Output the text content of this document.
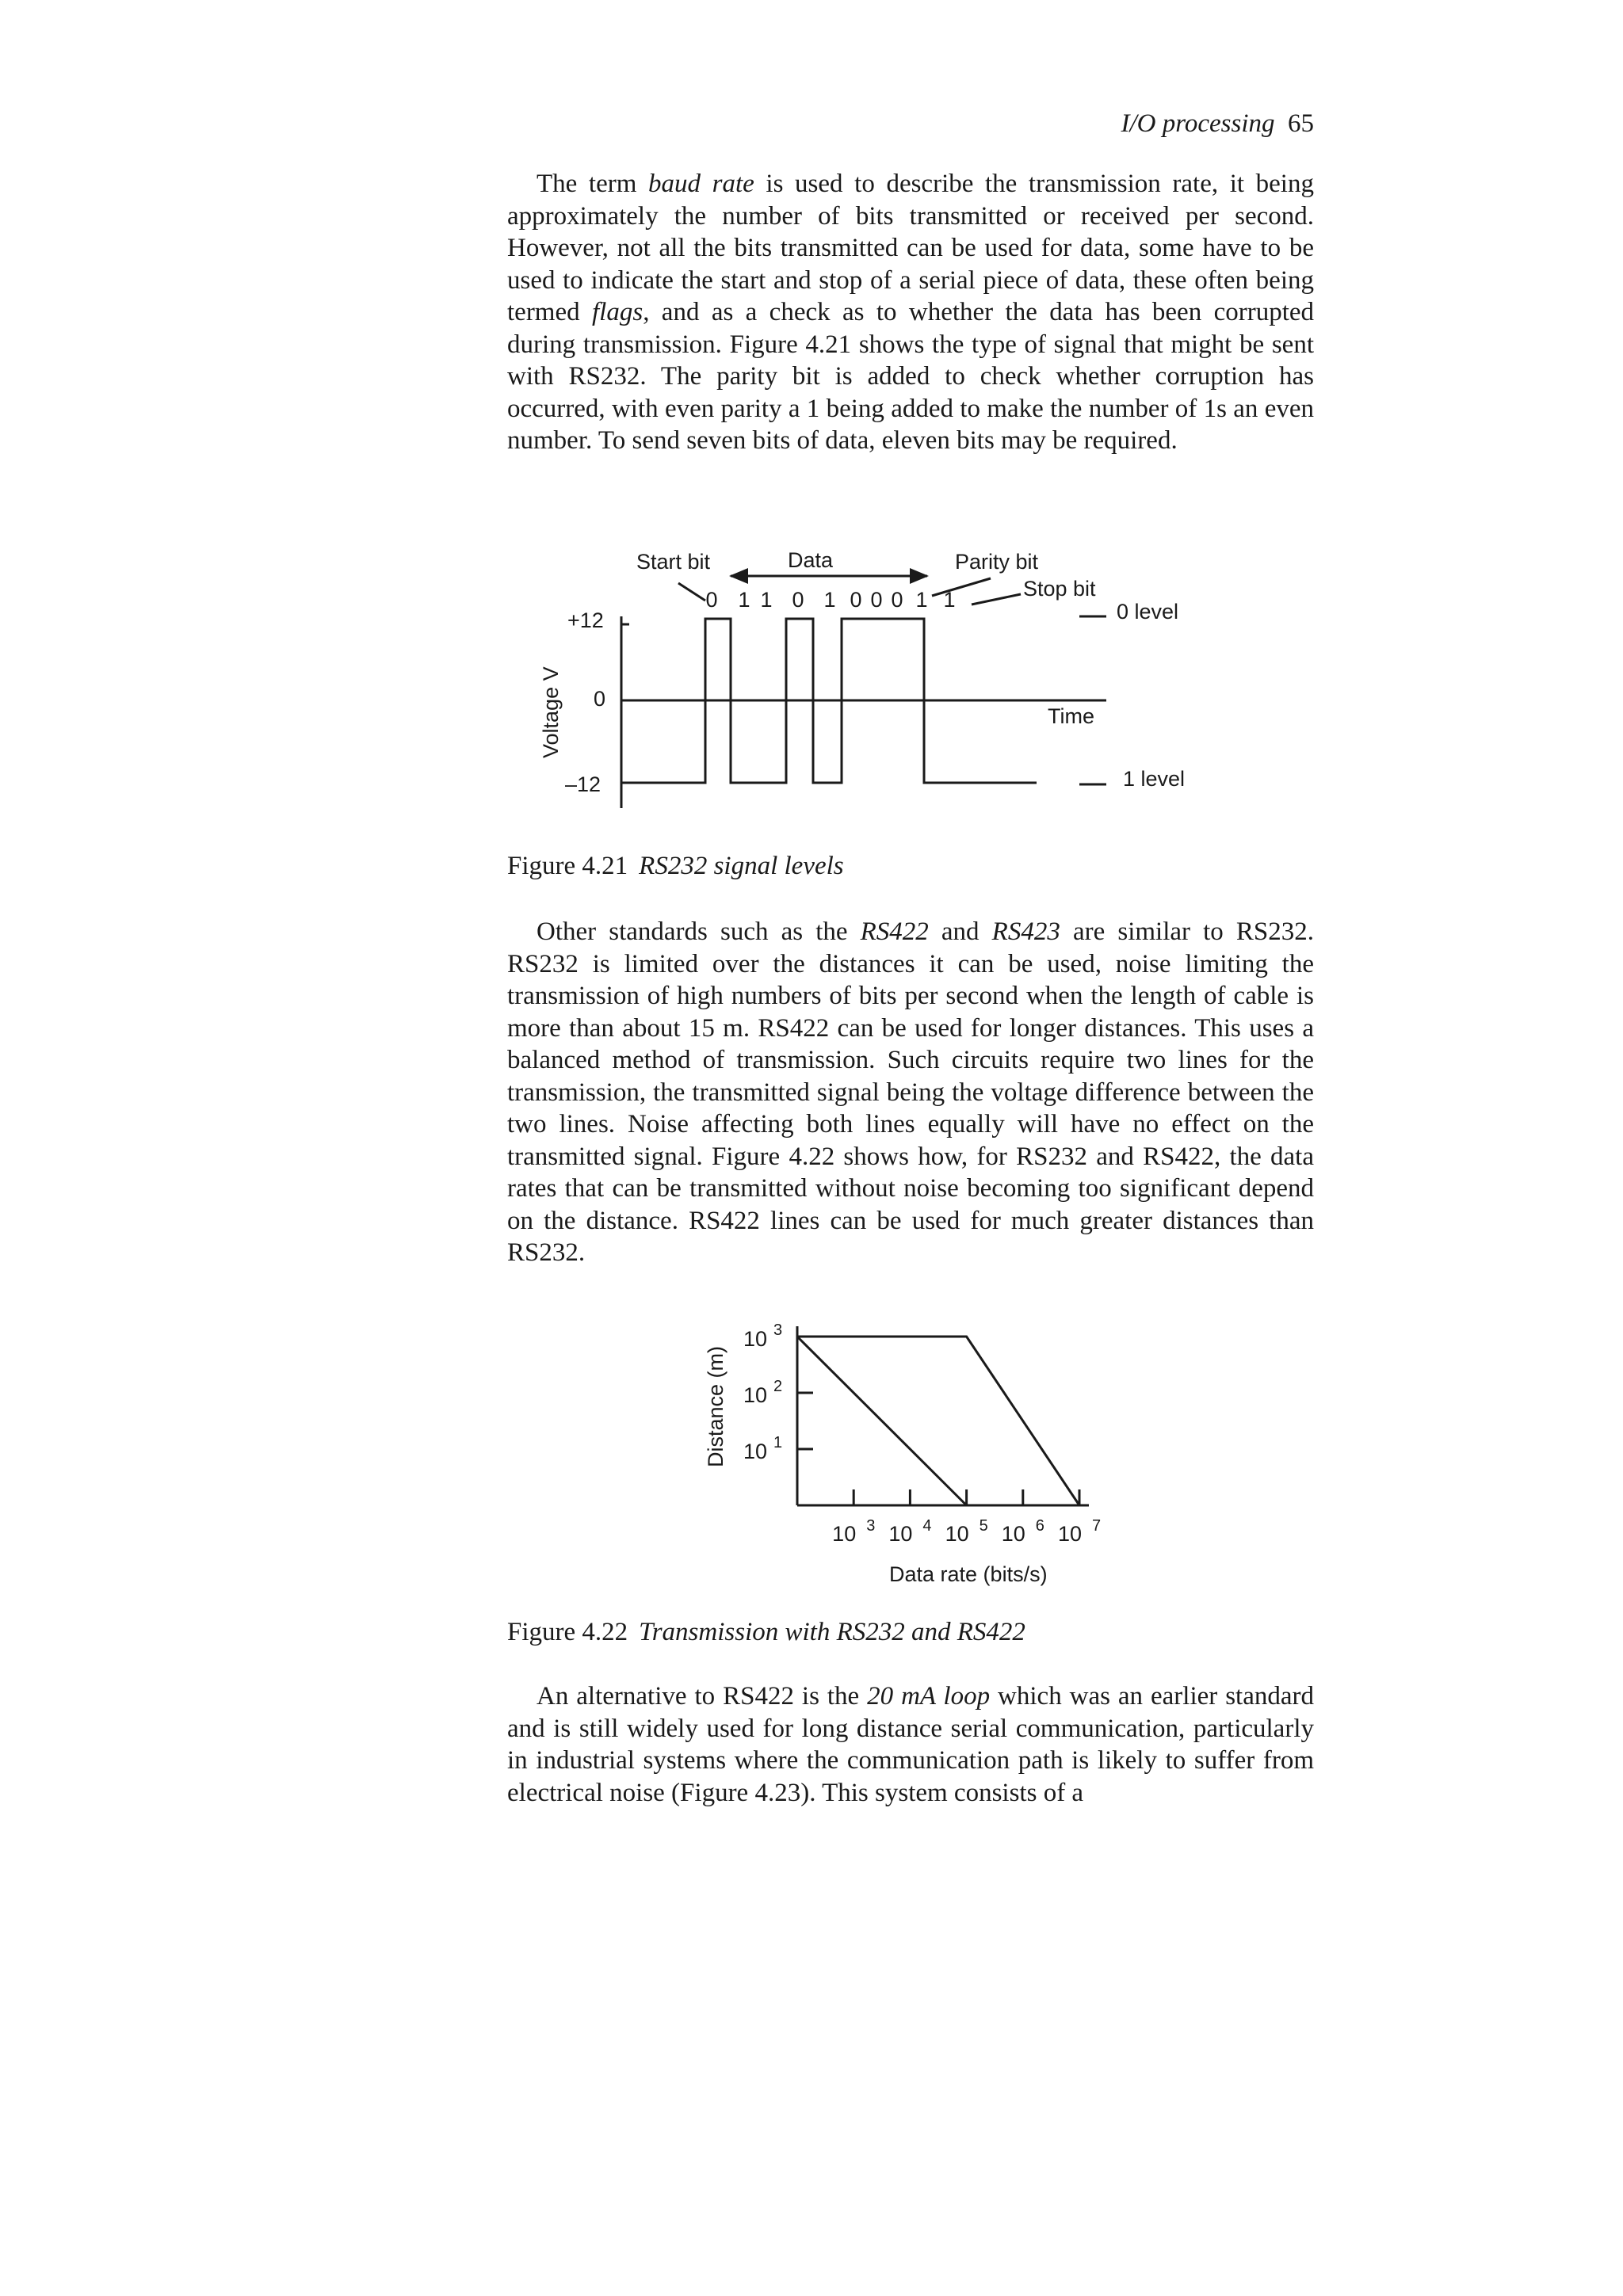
I/O processing 65

The term baud rate is used to describe the transmission rate, it being approximately the number of bits transmitted or received per second. However, not all the bits transmitted can be used for data, some have to be used to indicate the start and stop of a serial piece of data, these often being termed flags, and as a check as to whether the data has been corrupted during transmission. Figure 4.21 shows the type of signal that might be sent with RS232. The parity bit is added to check whether corruption has occurred, with even parity a 1 being added to make the number of 1s an even number. To send seven bits of data, eleven bits may be required.

Start bit	Data	Parity bit
Stop bit
0 level
1 level
Time
+12
0
–12
Voltage V
0 1 1 0 1 0 0 0 1 1
Figure 4.21 RS232 signal levels

Other standards such as the RS422 and RS423 are similar to RS232. RS232 is limited over the distances it can be used, noise limiting the transmission of high numbers of bits per second when the length of cable is more than about 15 m. RS422 can be used for longer distances. This uses a balanced method of transmission. Such circuits require two lines for the transmission, the transmitted signal being the voltage difference between the two lines. Noise affecting both lines equally will have no effect on the transmitted signal. Figure 4.22 shows how, for RS232 and RS422, the data rates that can be transmitted without noise becoming too significant depend on the distance. RS422 lines can be used for much greater distances than RS232.

10 3 10 4 10 5 10 6 10 7
10 3
10 2
10 1
Distance (m)
Data rate (bits/s)
Figure 4.22 Transmission with RS232 and RS422

An alternative to RS422 is the 20 mA loop which was an earlier standard and is still widely used for long distance serial communication, particularly in industrial systems where the communication path is likely to suffer from electrical noise (Figure 4.23). This system consists of a
